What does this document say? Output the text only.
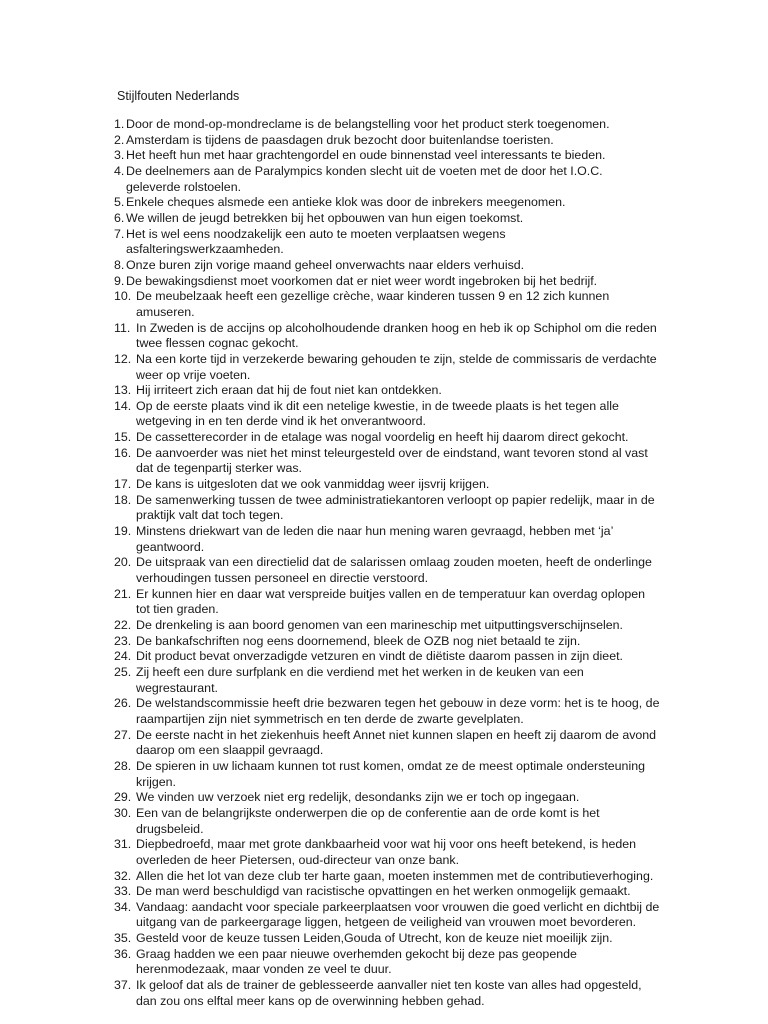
Stijlfouten Nederlands
1. Door de mond-op-mondreclame is de belangstelling voor het product sterk toegenomen.
2. Amsterdam is tijdens de paasdagen druk bezocht door buitenlandse toeristen.
3. Het heeft hun met haar grachtengordel en oude binnenstad veel interessants te bieden.
4. De deelnemers aan de Paralympics konden slecht uit de voeten met de door het I.O.C. geleverde rolstoelen.
5. Enkele cheques alsmede een antieke klok was door de inbrekers meegenomen.
6. We willen de jeugd betrekken bij het opbouwen van hun eigen toekomst.
7. Het is wel eens noodzakelijk een auto te moeten verplaatsen wegens asfalteringswerkzaamheden.
8. Onze buren zijn vorige maand geheel onverwachts naar elders verhuisd.
9. De bewakingsdienst moet voorkomen dat er niet weer wordt ingebroken bij het bedrijf.
10. De meubelzaak heeft een gezellige crèche, waar kinderen tussen 9 en 12 zich kunnen amuseren.
11. In Zweden is de accijns op alcoholhoudende dranken hoog en heb ik op Schiphol om die reden twee flessen cognac gekocht.
12. Na een korte tijd in verzekerde bewaring gehouden te zijn, stelde de commissaris de verdachte weer op vrije voeten.
13. Hij irriteert zich eraan dat hij de fout niet kan ontdekken.
14. Op de eerste plaats vind ik dit een netelige kwestie, in de tweede plaats is het tegen alle wetgeving in en ten derde vind ik het onverantwoord.
15. De cassetterecorder in de etalage was nogal voordelig en heeft hij daarom direct gekocht.
16. De aanvoerder was niet het minst teleurgesteld over de eindstand, want tevoren stond al vast dat de tegenpartij sterker was.
17. De kans is uitgesloten dat we ook vanmiddag weer ijsvrij krijgen.
18. De samenwerking tussen de twee administratiekantoren verloopt op papier redelijk, maar in de praktijk valt dat toch tegen.
19. Minstens driekwart van de leden die naar hun mening waren gevraagd, hebben met ‘ja’ geantwoord.
20. De uitspraak van een directielid dat de salarissen omlaag zouden moeten, heeft de onderlinge verhoudingen tussen personeel en directie verstoord.
21. Er kunnen hier en daar wat verspreide buitjes vallen en de temperatuur kan overdag oplopen tot tien graden.
22. De drenkeling is aan boord genomen van een marineschip met uitputtingsverschijnselen.
23. De bankafschriften nog eens doornemend, bleek de OZB nog niet betaald te zijn.
24. Dit product bevat onverzadigde vetzuren en vindt de diëtiste daarom passen in zijn dieet.
25. Zij heeft een dure surfplank en die verdiend met het werken in de keuken van een wegrestaurant.
26. De welstandscommissie heeft drie bezwaren tegen het gebouw in deze vorm: het is te hoog, de raampartijen zijn niet symmetrisch en ten derde de zwarte gevelplaten.
27. De eerste nacht in het ziekenhuis heeft Annet niet kunnen slapen en heeft zij daarom de avond daarop om een slaappil gevraagd.
28. De spieren in uw lichaam kunnen tot rust komen, omdat ze de meest optimale ondersteuning krijgen.
29. We vinden uw verzoek niet erg redelijk, desondanks zijn we er toch op ingegaan.
30. Een van de belangrijkste onderwerpen die op de conferentie aan de orde komt is het drugsbeleid.
31. Diepbedroefd, maar met grote dankbaarheid voor wat hij voor ons heeft betekend, is heden overleden de heer Pietersen, oud-directeur van onze bank.
32. Allen die het lot van deze club ter harte gaan, moeten instemmen met de contributieverhoging.
33. De man werd beschuldigd van racistische opvattingen en het werken onmogelijk gemaakt.
34. Vandaag: aandacht voor speciale parkeerplaatsen voor vrouwen die goed verlicht en dichtbij de uitgang van de parkeergarage liggen, hetgeen de veiligheid van vrouwen moet bevorderen.
35. Gesteld voor de keuze tussen Leiden,Gouda of Utrecht, kon de keuze niet moeilijk zijn.
36. Graag hadden we een paar nieuwe overhemden gekocht bij deze pas geopende herenmodezaak, maar vonden ze veel te duur.
37. Ik geloof dat als de trainer de geblesseerde aanvaller niet ten koste van alles had opgesteld, dan zou ons elftal meer kans op de overwinning hebben gehad.
